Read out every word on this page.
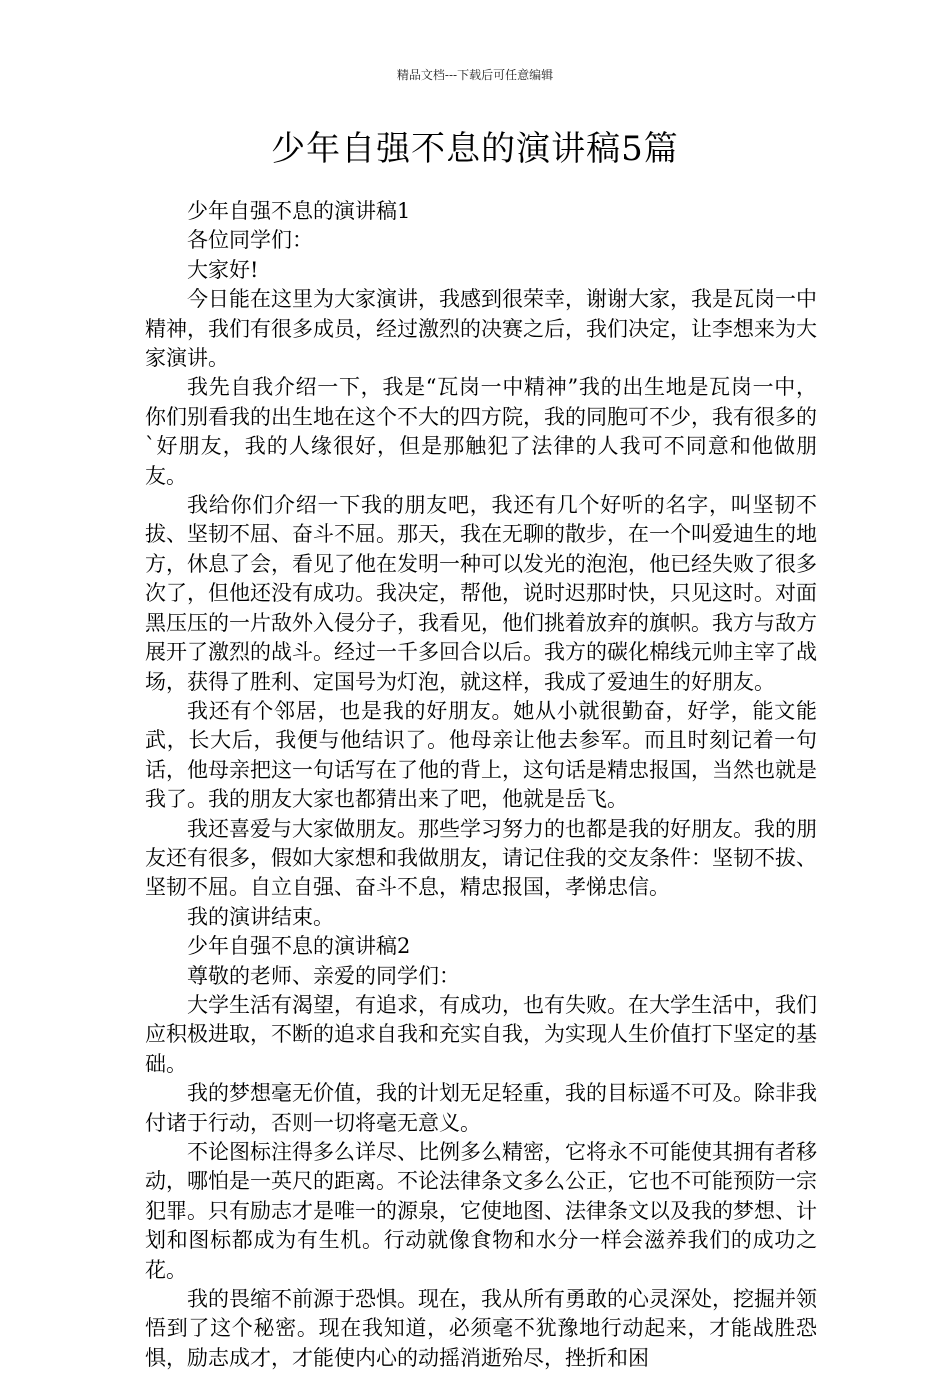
精品文档---下载后可任意编辑
少年自强不息的演讲稿5篇

少年自强不息的演讲稿1

各位同学们：

大家好!

今日能在这里为大家演讲，我感到很荣幸，谢谢大家，我是瓦岗一中精神，我们有很多成员，经过激烈的决赛之后，我们决定，让李想来为大家演讲。

我先自我介绍一下，我是“瓦岗一中精神”我的出生地是瓦岗一中，你们别看我的出生地在这个不大的四方院，我的同胞可不少，我有很多的`好朋友，我的人缘很好，但是那触犯了法律的人我可不同意和他做朋友。

我给你们介绍一下我的朋友吧，我还有几个好听的名字，叫坚韧不拔、坚韧不屈、奋斗不屈。那天，我在无聊的散步，在一个叫爱迪生的地方，休息了会，看见了他在发明一种可以发光的泡泡，他已经失败了很多次了，但他还没有成功。我决定，帮他，说时迟那时快，只见这时。对面黑压压的一片敌外入侵分子，我看见，他们挑着放弃的旗帜。我方与敌方展开了激烈的战斗。经过一千多回合以后。我方的碳化棉线元帅主宰了战场，获得了胜利、定国号为灯泡，就这样，我成了爱迪生的好朋友。

我还有个邻居，也是我的好朋友。她从小就很勤奋，好学，能文能武，长大后，我便与他结识了。他母亲让他去参军。而且时刻记着一句话，他母亲把这一句话写在了他的背上，这句话是精忠报国，当然也就是我了。我的朋友大家也都猜出来了吧，他就是岳飞。

我还喜爱与大家做朋友。那些学习努力的也都是我的好朋友。我的朋友还有很多，假如大家想和我做朋友，请记住我的交友条件：坚韧不拔、坚韧不屈。自立自强、奋斗不息，精忠报国，孝悌忠信。

我的演讲结束。

少年自强不息的演讲稿2

尊敬的老师、亲爱的同学们：

大学生活有渴望，有追求，有成功，也有失败。在大学生活中，我们应积极进取，不断的追求自我和充实自我，为实现人生价值打下坚定的基础。

我的梦想毫无价值，我的计划无足轻重，我的目标遥不可及。除非我付诸于行动，否则一切将毫无意义。

不论图标注得多么详尽、比例多么精密，它将永不可能使其拥有者移动，哪怕是一英尺的距离。不论法律条文多么公正，它也不可能预防一宗犯罪。只有励志才是唯一的源泉，它使地图、法律条文以及我的梦想、计划和图标都成为有生机。行动就像食物和水分一样会滋养我们的成功之花。

我的畏缩不前源于恐惧。现在，我从所有勇敢的心灵深处，挖掘并领悟到了这个秘密。现在我知道，必须毫不犹豫地行动起来，才能战胜恐惧，励志成才，才能使内心的动摇消逝殆尽，挫折和困
